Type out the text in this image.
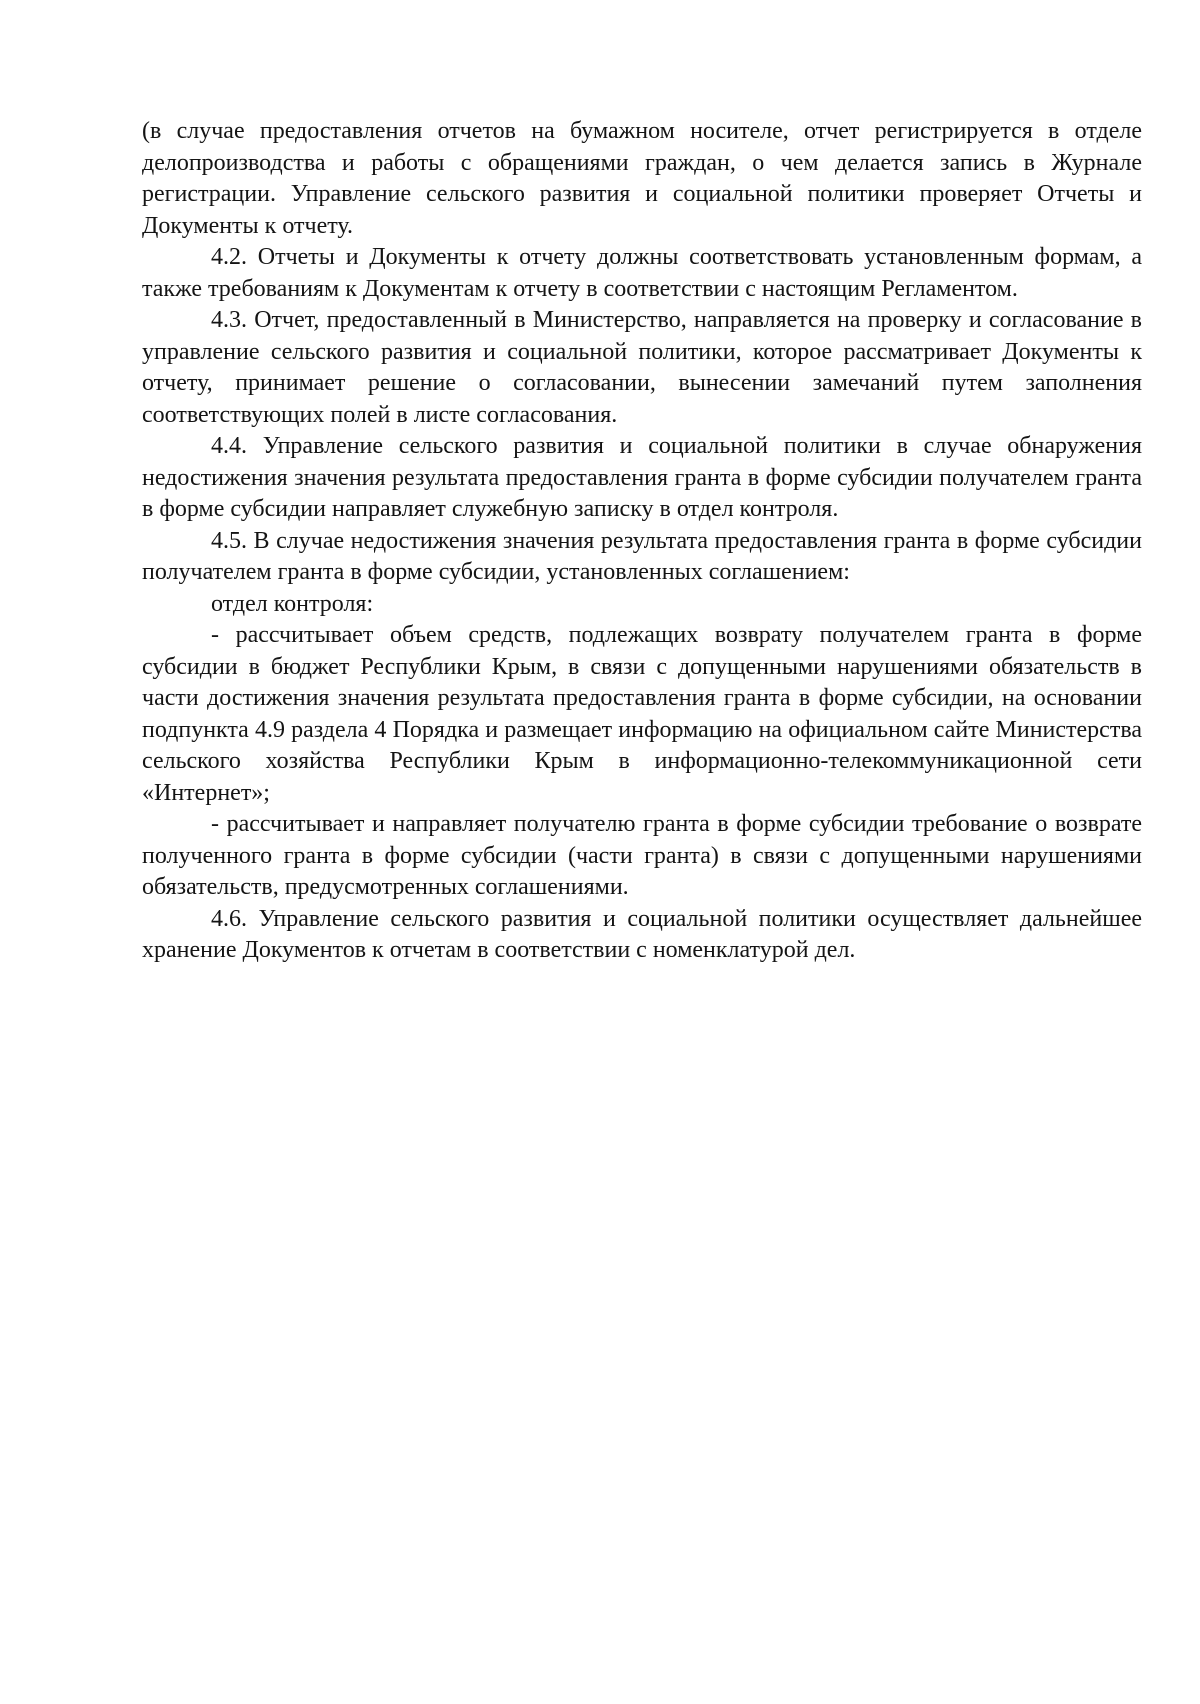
(в случае предоставления отчетов на бумажном носителе, отчет регистрируется в отделе делопроизводства и работы с обращениями граждан, о чем делается запись в Журнале регистрации. Управление сельского развития и социальной политики проверяет Отчеты и Документы к отчету.

4.2. Отчеты и Документы к отчету должны соответствовать установленным формам, а также требованиям к Документам к отчету в соответствии с настоящим Регламентом.

4.3. Отчет, предоставленный в Министерство, направляется на проверку и согласование в управление сельского развития и социальной политики, которое рассматривает Документы к отчету, принимает решение о согласовании, вынесении замечаний путем заполнения соответствующих полей в листе согласования.

4.4. Управление сельского развития и социальной политики в случае обнаружения недостижения значения результата предоставления гранта в форме субсидии получателем гранта в форме субсидии направляет служебную записку в отдел контроля.

4.5. В случае недостижения значения результата предоставления гранта в форме субсидии получателем гранта в форме субсидии, установленных соглашением:

отдел контроля:

- рассчитывает объем средств, подлежащих возврату получателем гранта в форме субсидии в бюджет Республики Крым, в связи с допущенными нарушениями обязательств в части достижения значения результата предоставления гранта в форме субсидии, на основании подпункта 4.9 раздела 4 Порядка и размещает информацию на официальном сайте Министерства сельского хозяйства Республики Крым в информационно-телекоммуникационной сети «Интернет»;

- рассчитывает и направляет получателю гранта в форме субсидии требование о возврате полученного гранта в форме субсидии (части гранта) в связи с допущенными нарушениями обязательств, предусмотренных соглашениями.

4.6. Управление сельского развития и социальной политики осуществляет дальнейшее хранение Документов к отчетам в соответствии с номенклатурой дел.
